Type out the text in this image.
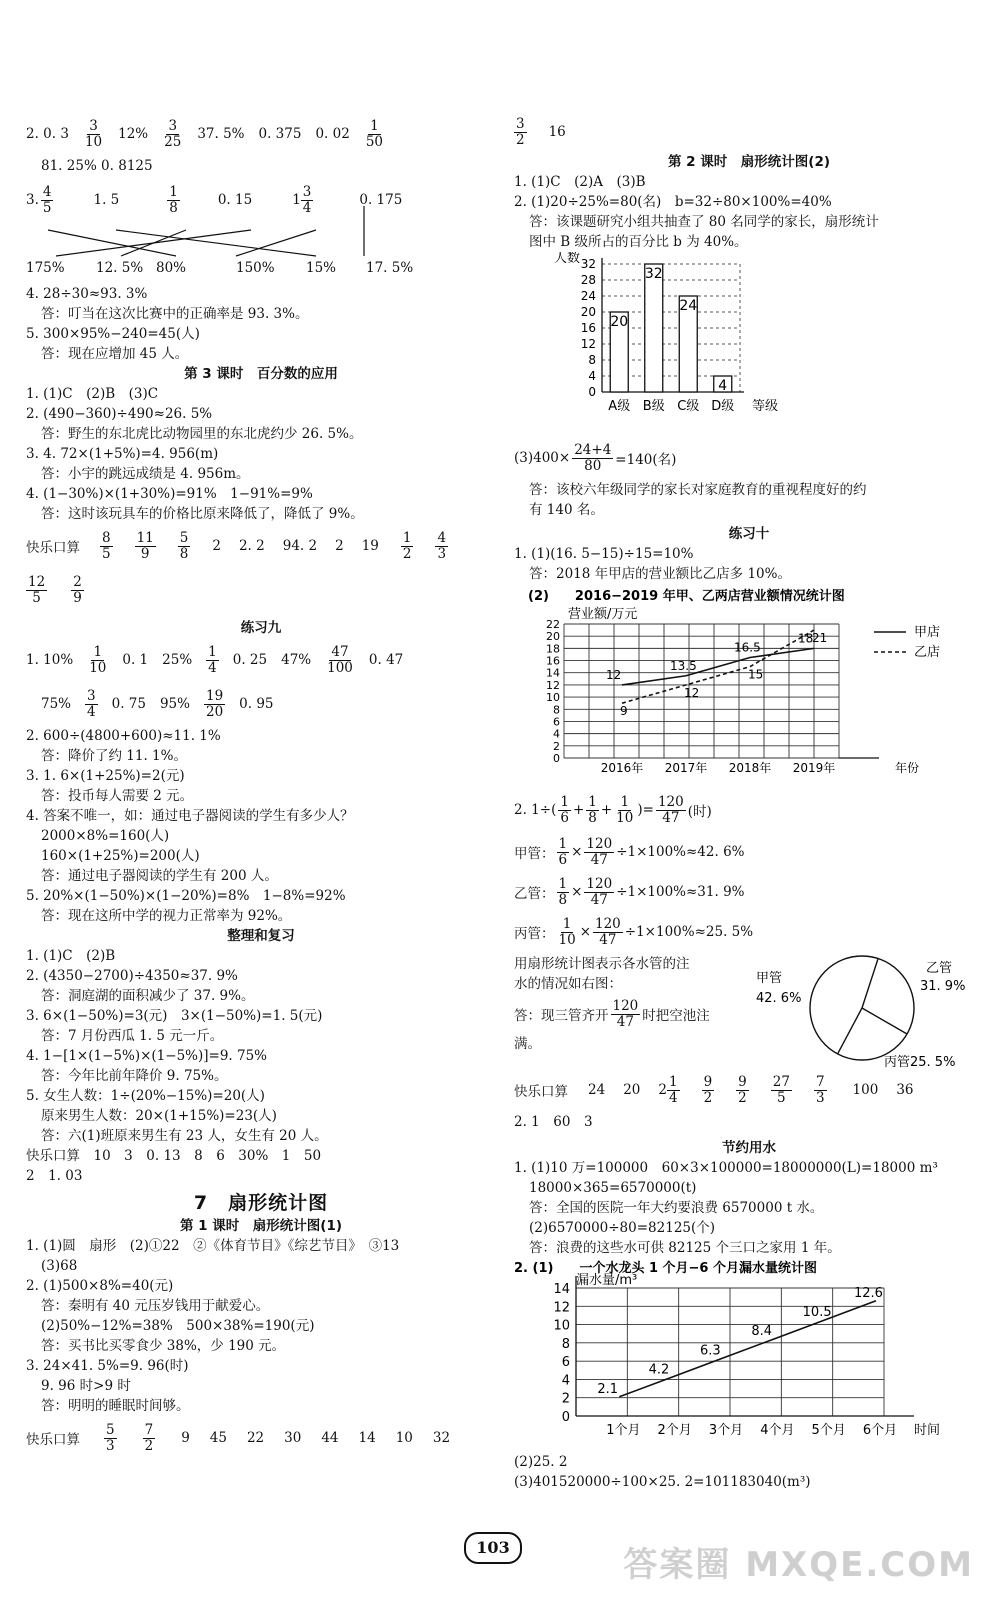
2. 0. 3
3
10 12%
3
25 37. 5% 0. 375 0. 02
1
50
81. 25% 0. 8125
3.
4
5	1. 5
1
8	0. 15	1
3
4	0. 175
175%	12. 5% 80%	150%	15%	17. 5%
4. 28÷30≈93. 3%
答：叮当在这次比赛中的正确率是 93. 3%。
5. 300×95%−240=45(人)
答：现在应增加 45 人。
第 3 课时　百分数的应用
1. (1)C　(2)B　(3)C
2. (490−360)÷490≈26. 5%
答：野生的东北虎比动物园里的东北虎约少 26. 5%。
3. 4. 72×(1+5%)=4. 956(m)
答：小宇的跳远成绩是 4. 956m。
4. (1−30%)×(1+30%)=91%　1−91%=9%
答：这时该玩具车的价格比原来降低了，降低了 9%。
快乐口算
8
5
11
9
5
8 2 2. 2 94. 2 2 19
1
2
4
3
12
5
2
9
练习九
1. 10%
1
10 0. 1 25%
1
4 0. 25 47%
47
100 0. 47
75%
3
4 0. 75 95%
19
20 0. 95
2. 600÷(4800+600)≈11. 1%
答：降价了约 11. 1%。
3. 1. 6×(1+25%)=2(元)
答：投币每人需要 2 元。
4. 答案不唯一，如：通过电子器阅读的学生有多少人？
2000×8%=160(人)
160×(1+25%)=200(人)
答：通过电子器阅读的学生有 200 人。
5. 20%×(1−50%)×(1−20%)=8%　1−8%=92%
答：现在这所中学的视力正常率为 92%。
整理和复习
1. (1)C　(2)B
2. (4350−2700)÷4350≈37. 9%
答：洞庭湖的面积减少了 37. 9%。
3. 6×(1−50%)=3(元)　3×(1−50%)=1. 5(元)
答：7 月份西瓜 1. 5 元一斤。
4. 1−[1×(1−5%)×(1−5%)]=9. 75%
答：今年比前年降价 9. 75%。
5. 女生人数：1÷(20%−15%)=20(人)
原来男生人数：20×(1+15%)=23(人)
答：六(1)班原来男生有 23 人，女生有 20 人。
快乐口算　10　3　0. 13　8　6　30%　1　50
2　1. 03
7　扇形统计图
第 1 课时　扇形统计图(1)
1. (1)圆　扇形　(2)①22　②《体育节目》《综艺节目》　③13
(3)68
2. (1)500×8%=40(元)
答：秦明有 40 元压岁钱用于献爱心。
(2)50%−12%=38%　500×38%=190(元)
答：买书比买零食少 38%，少 190 元。
3. 24×41. 5%=9. 96(时)
9. 96 时>9 时
答：明明的睡眠时间够。
快乐口算
5
3
7
2 9 45 22 30 44 14 10 32
3
2 16
第 2 课时　扇形统计图(2)
1. (1)C　(2)A　(3)B
2. (1)20÷25%=80(名)　b=32÷80×100%=40%
答：该课题研究小组共抽查了 80 名同学的家长，扇形统计
图中 B 级所占的百分比 b 为 40%。
人数
0
4
8
12
16
20
24
28
32
20
A级
32
B级
24
C级
4
D级 等级
$(3)400\times \frac{24+4}{80} =140$(名)
答：该校六年级同学的家长对家庭教育的重视程度好的约
有 140 名。
练习十
1. (1)(16. 5−15)÷15=10%
答：2018 年甲店的营业额比乙店多 10%。
(2)　　2016−2019 年甲、乙两店营业额情况统计图
营业额/万元
0
2
4
6
8
10
12
14
16
18
20
22
12
13.5
16.5
18
9
12
15
21
2016年 2017年 2018年 2019年	年份
甲店
乙店
2. 1÷(
1
$6 + \frac{1}{8} + \frac{1}{10}$ )= $\frac{120}{47}$ (时)
甲管： $\frac{1}{6} \times \frac{120}{47} \div 1\times 100\%\approx 42$. 6%
乙管： $\frac{1}{8} \times \frac{120}{47} \div 1\times 100\%\approx 31$. 9%
丙管： $\frac{1}{10} \times \frac{120}{47} \div 1\times 100\%\approx 25$. 5%
用扇形统计图表示各水管的注
水的情况如右图：
答：现三管齐开
120
47 时把空池注
满。
甲管
42. 6%
乙管
31. 9%
丙管25. 5%
快乐口算 24 20 2
1
4
9
2
9
2
27
5
7
3 100 36
2. 1　60　3
节约用水
1. (1)10 万=100000　60×3×100000=18000000(L)=18000 m³
18000×365=6570000(t)
答：全国的医院一年大约要浪费 6570000 t 水。
(2)6570000÷80=82125(个)
答：浪费的这些水可供 82125 个三口之家用 1 年。
2. (1)　　一个水龙头 1 个月−6 个月漏水量统计图
漏水量/m³
0
2
4
6
8
10
12
14
2.1
4.2
6.3
8.4
10.5
12.6
1个月 2个月 3个月 4个月 5个月 6个月 时间
(2)25. 2
(3)401520000÷100×25. 2=101183040(m³)
103	答案圈 MXQE.COM
